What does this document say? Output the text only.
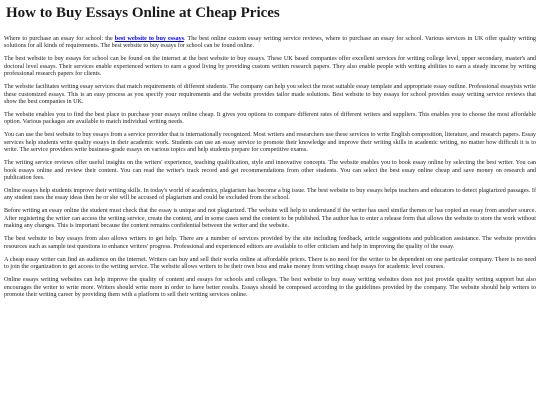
How to Buy Essays Online at Cheap Prices

Where to purchase an essay for school: the best website to buy essays. The best online custom essay writing service reviews, where to purchase an essay for school. Various services in UK offer quality writing solutions for all kinds of requirements. The best website to buy essays for school can be found online.

The best website to buy essays for school can be found on the internet at the best website to buy essays. These UK based companies offer excellent services for writing college level, upper secondary, master's and doctoral level essays. Their services enable experienced writers to earn a good living by providing custom written research papers. They also enable people with writing abilities to earn a steady income by writing professional research papers for clients.

The website facilitates writing essay services that match requirements of different students. The company can help you select the most suitable essay template and appropriate essay outline. Professional essayists write these customized essays. This is an easy process as you specify your requirements and the website provides tailor made solutions. Best website to buy essays for school provides essay writing service reviews that show the best companies in UK.

The website enables you to find the best place to purchase your essays online cheap. It gives you options to compare different rates of different writers and suppliers. This enables you to choose the most affordable option. Various packages are available to match individual writing needs.

You can use the best website to buy essays from a service provider that is internationally recognized. Most writers and researchers use these services to write English composition, literature, and research papers. Essay services help students write quality essays in their academic work. Students can use an essay service to promote their knowledge and improve their writing skills in academic writing, no matter how difficult it is to write. The service providers write business-grade essays on various topics and help students prepare for competitive exams.

The writing service reviews offer useful insights on the writers' experience, teaching qualification, style and innovative concepts. The website enables you to book essay online by selecting the best writer. You can book essays online and review their content. You can read the writer's track record and get recommendations from other students. You can select the best essay online cheap and save money on research and publication fees.

Online essays help students improve their writing skills. In today's world of academics, plagiarism has become a big issue. The best website to buy essays helps teachers and educators to detect plagiarized passages. If any student uses the essay ideas then he or she will be accused of plagiarism and could be excluded from the school.

Before writing an essay online the student must check that the essay is unique and not plagiarized. The website will help to understand if the writer has used similar themes or has copied an essay from another source. After registering the writer can access the writing service, create the content, and in some cases send the content to be published. The author has to enter a release form that allows the website to store the work without making any changes. This is important because the content remains confidential between the writer and the website.

The best website to buy essays from also allows writers to get help. There are a number of services provided by the site including feedback, article suggestions and publication assistance. The website provides resources such as sample test questions to enhance writers' progress. Professional and experienced editors are available to offer criticism and help in improving the quality of the essay.

A cheap essay writer can find an audience on the internet. Writers can buy and sell their works online at affordable prices. There is no need for the writer to be dependent on one particular company. There is no need to join the organization to get access to the writing service. The website allows writers to be their own boss and make money from writing cheap essays for academic level courses.

Online essays writing websites can help improve the quality of content and essays for schools and colleges. The best website to buy essay writing websites does not just provide quality writing support but also encourages the writer to write more. Writers should write more in order to have better results. Essays should be composed according to the guidelines provided by the company. The website should help writers to promote their writing career by providing them with a platform to sell their writing services online.
